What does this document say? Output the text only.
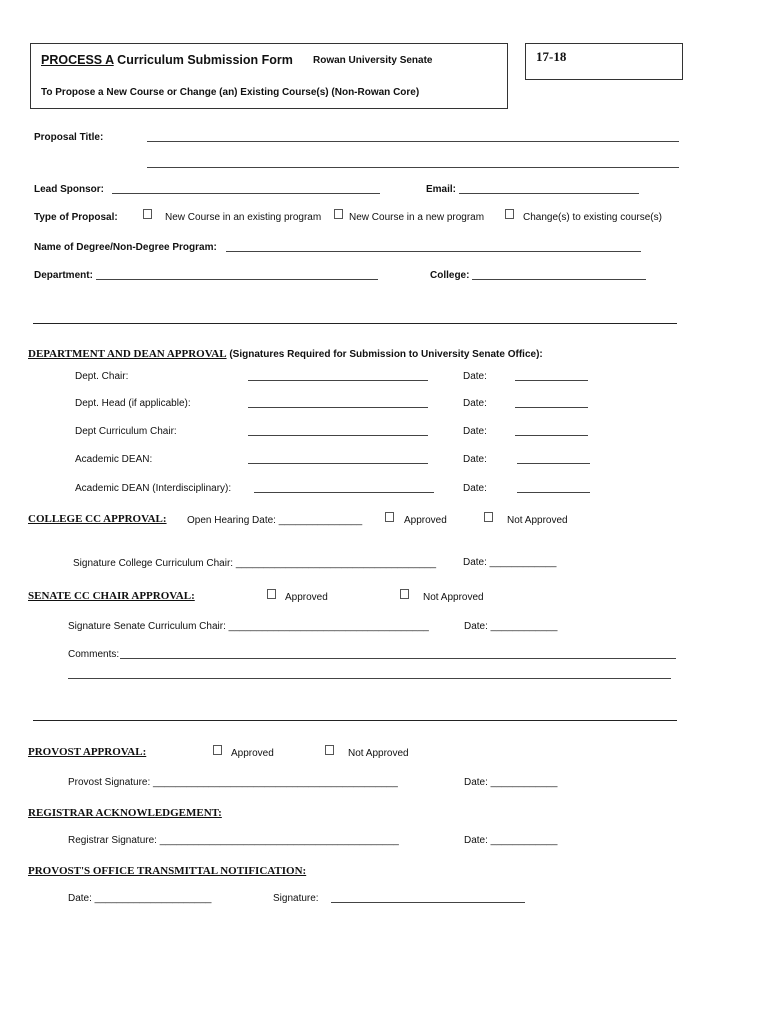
PROCESS A Curriculum Submission Form Rowan University Senate
To Propose a New Course or Change (an) Existing Course(s) (Non-Rowan Core)
17-18
Proposal Title:
Lead Sponsor:	Email:
Type of Proposal:	New Course in an existing program	New Course in a new program	Change(s) to existing course(s)
Name of Degree/Non-Degree Program:
Department:	College:
DEPARTMENT AND DEAN APPROVAL (Signatures Required for Submission to University Senate Office):
Dept. Chair:	Date:
Dept. Head (if applicable):	Date:
Dept Curriculum Chair:	Date:
Academic DEAN:	Date:
Academic DEAN (Interdisciplinary):	Date:
COLLEGE CC APPROVAL: Open Hearing Date: _______________	Approved	Not Approved
Signature College Curriculum Chair: ____________________________________	Date: ____________
SENATE CC CHAIR APPROVAL:	Approved	Not Approved
Signature Senate Curriculum Chair: ____________________________________	Date: ____________
Comments:
PROVOST APPROVAL:	Approved	Not Approved
Provost Signature: ____________________________________________	Date: ____________
REGISTRAR ACKNOWLEDGEMENT:
Registrar Signature: ___________________________________________	Date: ____________
PROVOST'S OFFICE TRANSMITTAL NOTIFICATION:
Date: _____________________	Signature:
